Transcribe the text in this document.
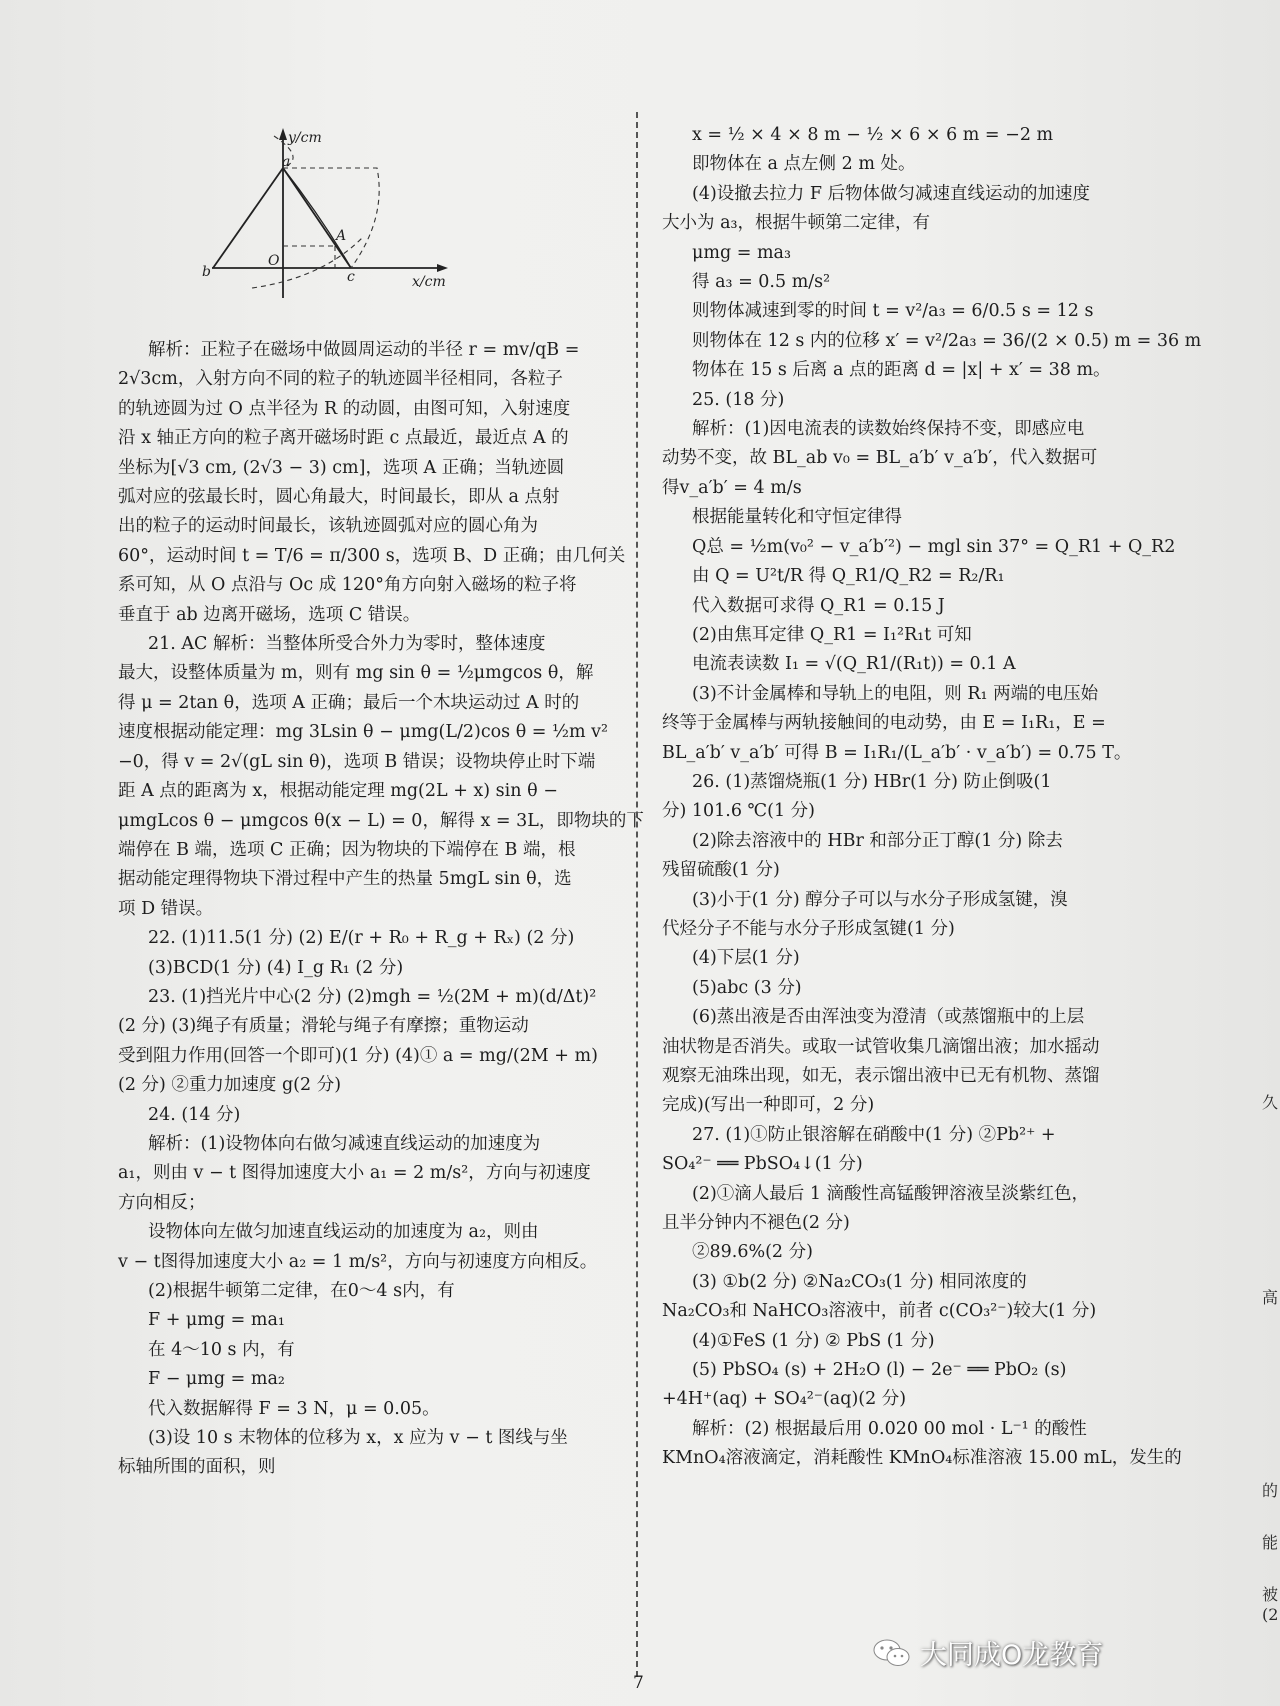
y/cm
x/cm
a
A
O
b	c

解析：正粒子在磁场中做圆周运动的半径 r = mv/qB =

2√3cm，入射方向不同的粒子的轨迹圆半径相同，各粒子

的轨迹圆为过 O 点半径为 R 的动圆，由图可知，入射速度

沿 x 轴正方向的粒子离开磁场时距 c 点最近，最近点 A 的

坐标为[√3 cm, (2√3 − 3) cm]，选项 A 正确；当轨迹圆

弧对应的弦最长时，圆心角最大，时间最长，即从 a 点射

出的粒子的运动时间最长，该轨迹圆弧对应的圆心角为

60°，运动时间 t = T/6 = π/300 s，选项 B、D 正确；由几何关

系可知，从 O 点沿与 Oc 成 120°角方向射入磁场的粒子将

垂直于 ab 边离开磁场，选项 C 错误。

21. AC 解析：当整体所受合外力为零时，整体速度

最大，设整体质量为 m，则有 mg sin θ = ½μmgcos θ，解

得 μ = 2tan θ，选项 A 正确；最后一个木块运动过 A 时的

速度根据动能定理：mg 3Lsin θ − μmg(L/2)cos θ = ½m v²

−0，得 v = 2√(gL sin θ)，选项 B 错误；设物块停止时下端

距 A 点的距离为 x，根据动能定理 mg(2L + x) sin θ −

μmgLcos θ − μmgcos θ(x − L) = 0，解得 x = 3L，即物块的下

端停在 B 端，选项 C 正确；因为物块的下端停在 B 端，根

据动能定理得物块下滑过程中产生的热量 5mgL sin θ，选

项 D 错误。

22. (1)11.5(1 分) (2) E/(r + R₀ + R_g + Rₓ) (2 分)

(3)BCD(1 分) (4) I_g R₁ (2 分)

23. (1)挡光片中心(2 分) (2)mgh = ½(2M + m)(d/Δt)²

(2 分) (3)绳子有质量；滑轮与绳子有摩擦；重物运动

受到阻力作用(回答一个即可)(1 分) (4)① a = mg/(2M + m)

(2 分) ②重力加速度 g(2 分)

24. (14 分)

解析：(1)设物体向右做匀减速直线运动的加速度为

a₁，则由 v − t 图得加速度大小 a₁ = 2 m/s²，方向与初速度

方向相反；

设物体向左做匀加速直线运动的加速度为 a₂，则由

v − t图得加速度大小 a₂ = 1 m/s²，方向与初速度方向相反。

(2)根据牛顿第二定律，在0～4 s内，有

F + μmg = ma₁

在 4～10 s 内，有

F − μmg = ma₂

代入数据解得 F = 3 N，μ = 0.05。

(3)设 10 s 末物体的位移为 x，x 应为 v − t 图线与坐

标轴所围的面积，则

x = ½ × 4 × 8 m − ½ × 6 × 6 m = −2 m

即物体在 a 点左侧 2 m 处。

(4)设撤去拉力 F 后物体做匀减速直线运动的加速度

大小为 a₃，根据牛顿第二定律，有

μmg = ma₃

得 a₃ = 0.5 m/s²

则物体减速到零的时间 t = v²/a₃ = 6/0.5 s = 12 s

则物体在 12 s 内的位移 x′ = v²/2a₃ = 36/(2 × 0.5) m = 36 m

物体在 15 s 后离 a 点的距离 d = |x| + x′ = 38 m。

25. (18 分)

解析：(1)因电流表的读数始终保持不变，即感应电

动势不变，故 BL_ab v₀ = BL_a′b′ v_a′b′，代入数据可

得v_a′b′ = 4 m/s

根据能量转化和守恒定律得

Q总 = ½m(v₀² − v_a′b′²) − mgl sin 37° = Q_R1 + Q_R2

由 Q = U²t/R 得 Q_R1/Q_R2 = R₂/R₁

代入数据可求得 Q_R1 = 0.15 J

(2)由焦耳定律 Q_R1 = I₁²R₁t 可知

电流表读数 I₁ = √(Q_R1/(R₁t)) = 0.1 A

(3)不计金属棒和导轨上的电阻，则 R₁ 两端的电压始

终等于金属棒与两轨接触间的电动势，由 E = I₁R₁，E =

BL_a′b′ v_a′b′ 可得 B = I₁R₁/(L_a′b′ · v_a′b′) = 0.75 T。

26. (1)蒸馏烧瓶(1 分) HBr(1 分) 防止倒吸(1

分) 101.6 ℃(1 分)

(2)除去溶液中的 HBr 和部分正丁醇(1 分) 除去

残留硫酸(1 分)

(3)小于(1 分) 醇分子可以与水分子形成氢键，溴

代烃分子不能与水分子形成氢键(1 分)

(4)下层(1 分)

(5)abc (3 分)

(6)蒸出液是否由浑浊变为澄清（或蒸馏瓶中的上层

油状物是否消失。或取一试管收集几滴馏出液；加水摇动

观察无油珠出现，如无，表示馏出液中已无有机物、蒸馏

完成)(写出一种即可，2 分)

27. (1)①防止银溶解在硝酸中(1 分) ②Pb²⁺ +

SO₄²⁻ ══ PbSO₄↓(1 分)

(2)①滴人最后 1 滴酸性高锰酸钾溶液呈淡紫红色，

且半分钟内不褪色(2 分)

②89.6%(2 分)

(3) ①b(2 分) ②Na₂CO₃(1 分) 相同浓度的

Na₂CO₃和 NaHCO₃溶液中，前者 c(CO₃²⁻)较大(1 分)

(4)①FeS (1 分) ② PbS (1 分)

(5) PbSO₄ (s) + 2H₂O (l) − 2e⁻ ══ PbO₂ (s)

+4H⁺(aq) + SO₄²⁻(aq)(2 分)

解析：(2) 根据最后用 0.020 00 mol · L⁻¹ 的酸性

KMnO₄溶液滴定，消耗酸性 KMnO₄标准溶液 15.00 mL，发生的

久
高
的
能
被
(2
7
大同成O龙教育
